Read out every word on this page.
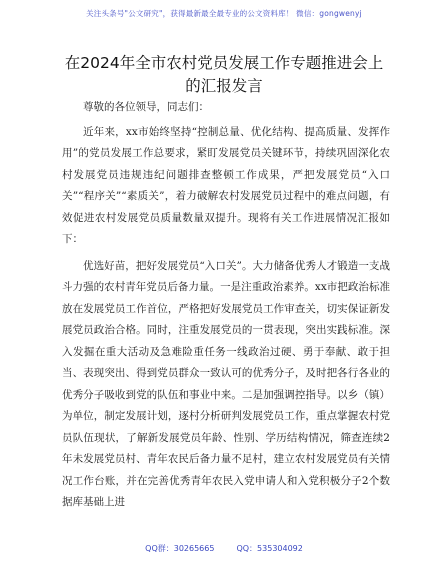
关注头条号"公文研究"，获得最新最全最专业的公文资料库！ 微信：gongwenyj
在2024年全市农村党员发展工作专题推进会上
的汇报发言

尊敬的各位领导，同志们：

近年来，xx市始终坚持“控制总量、优化结构、提高质量、发挥作用”的党员发展工作总要求，紧盯发展党员关键环节，持续巩固深化农村发展党员违规违纪问题排查整顿工作成果，严把发展党员“入口关”“程序关”“素质关”，着力破解农村发展党员过程中的难点问题，有效促进农村发展党员质量数量双提升。现将有关工作进展情况汇报如下：

优选好苗，把好发展党员“入口关”。大力储备优秀人才锻造一支战斗力强的农村青年党员后备力量。一是注重政治素养。xx市把政治标准放在发展党员工作首位，严格把好发展党员工作审查关，切实保证新发展党员政治合格。同时，注重发展党员的一贯表现，突出实践标准。深入发掘在重大活动及急难险重任务一线政治过硬、勇于奉献、敢于担当、表现突出、得到党员群众一致认可的优秀分子，及时把各行各业的优秀分子吸收到党的队伍和事业中来。二是加强调控指导。以乡（镇）为单位，制定发展计划，逐村分析研判发展党员工作，重点掌握农村党员队伍现状，了解新发展党员年龄、性别、学历结构情况，筛查连续2年未发展党员村、青年农民后备力量不足村，建立农村发展党员有关情况工作台账，并在完善优秀青年农民入党申请人和入党积极分子2个数据库基础上进

QQ群：30265665	QQ：535304092
